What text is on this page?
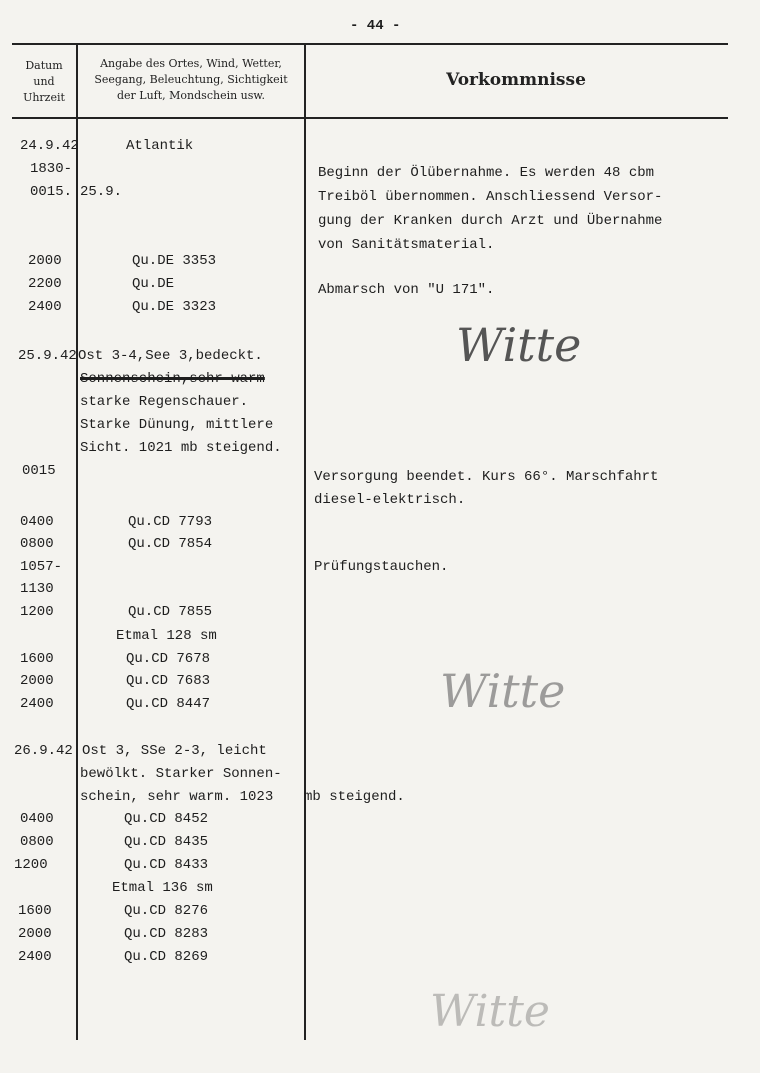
- 44 -
Datum
und
Uhrzeit
Angabe des Ortes, Wind, Wetter,
Seegang, Beleuchtung, Sichtigkeit
der Luft, Mondschein usw.
Vorkommnisse
24.9.42
1830-
0015.
2000
2200
2400
25.9.42
0015
0400
0800
1057-
1130
1200
1600
2000
2400
26.9.42
0400
0800
1200
1600
2000
2400
Atlantik
25.9.
Qu.DE 3353
Qu.DE
Qu.DE 3323
Ost 3-4,See 3,bedeckt.
Sonnenschein,sehr warm
starke Regenschauer.
Starke Dünung, mittlere
Sicht. 1021 mb steigend.
Qu.CD 7793
Qu.CD 7854
Qu.CD 7855
Etmal 128 sm
Qu.CD 7678
Qu.CD 7683
Qu.CD 8447
Ost 3, SSe 2-3, leicht
bewölkt. Starker Sonnen-
schein, sehr warm. 1023
Qu.CD 8452
Qu.CD 8435
Qu.CD 8433
Etmal 136 sm
Qu.CD 8276
Qu.CD 8283
Qu.CD 8269
Beginn der Ölübernahme. Es werden 48 cbm
Treiböl übernommen. Anschliessend Versor-
gung der Kranken durch Arzt und Übernahme
von Sanitätsmaterial.
Abmarsch von "U 171".
Versorgung beendet. Kurs 66°. Marschfahrt
diesel-elektrisch.
Prüfungstauchen.
mb steigend.
Witte
Witte
Witte
